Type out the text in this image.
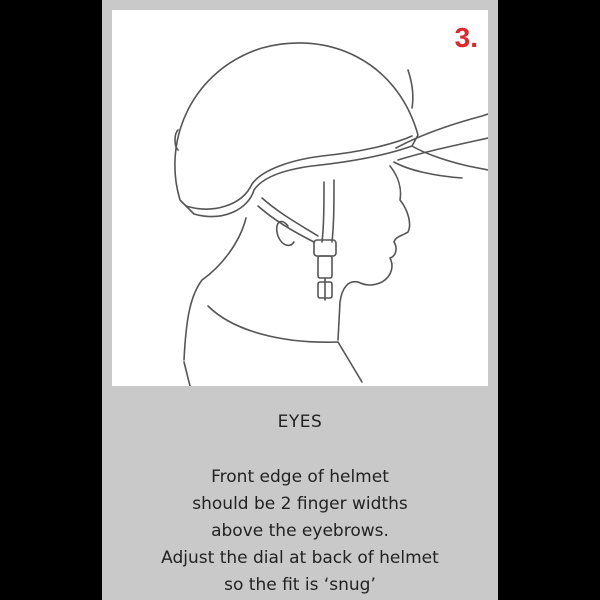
3.
EYES
Front edge of helmet
should be 2 finger widths
above the eyebrows.
Adjust the dial at back of helmet
so the fit is ‘snug’
